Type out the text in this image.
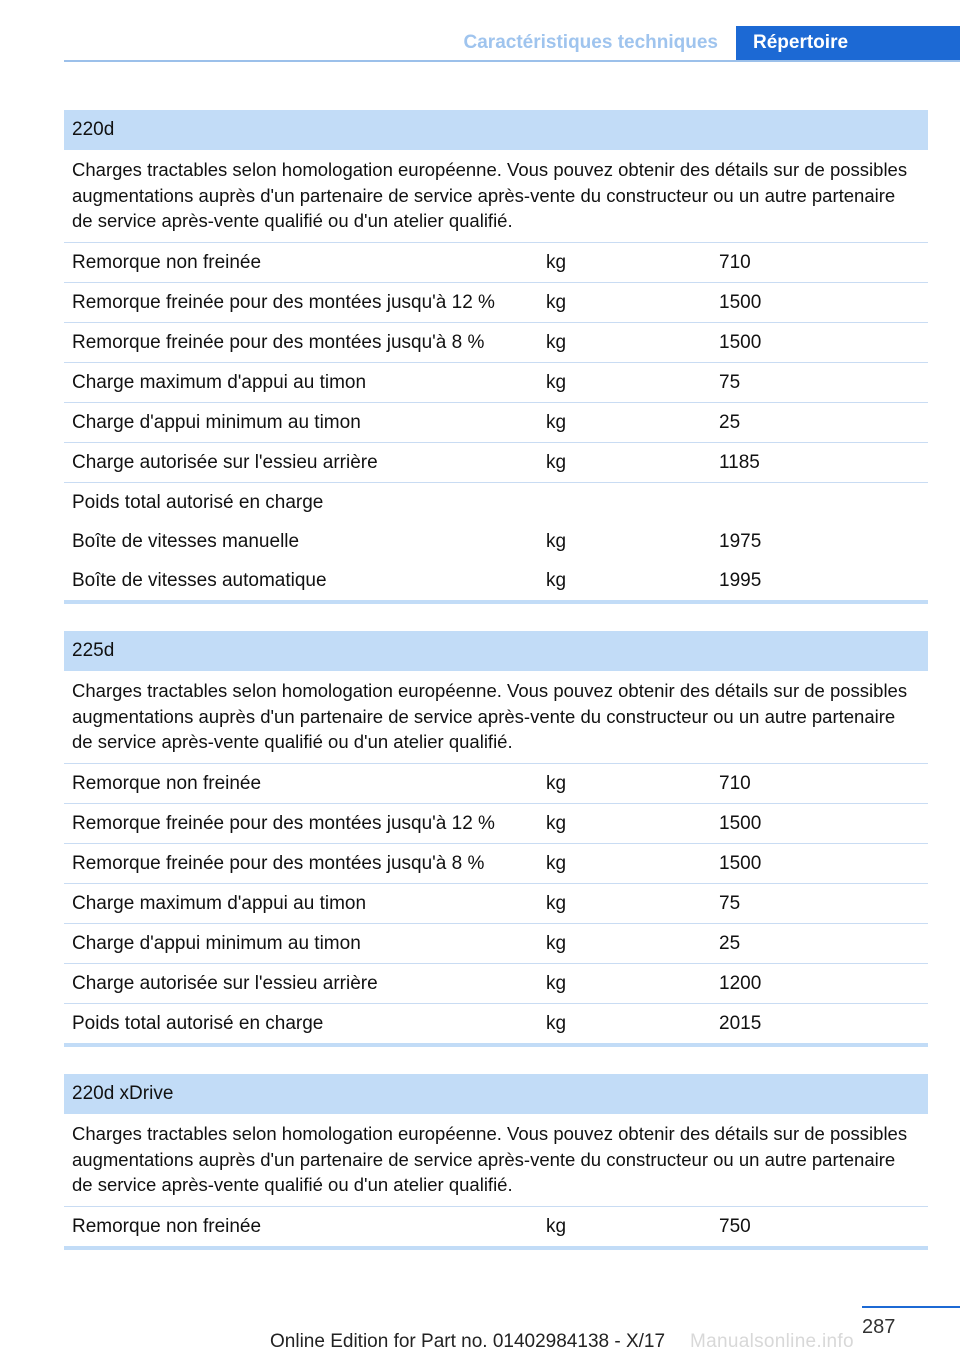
Caractéristiques techniques	Répertoire
220d
Charges tractables selon homologation européenne. Vous pouvez obtenir des détails sur de possibles augmentations auprès d'un partenaire de service après-vente du constructeur ou un autre partenaire de service après-vente qualifié ou d'un atelier qualifié.
Remorque non freinée	kg	710
Remorque freinée pour des montées jusqu'à 12 %	kg	1500
Remorque freinée pour des montées jusqu'à 8 %	kg	1500
Charge maximum d'appui au timon	kg	75
Charge d'appui minimum au timon	kg	25
Charge autorisée sur l'essieu arrière	kg	1185
Poids total autorisé en charge
Boîte de vitesses manuelle	kg	1975
Boîte de vitesses automatique	kg	1995
225d
Charges tractables selon homologation européenne. Vous pouvez obtenir des détails sur de possibles augmentations auprès d'un partenaire de service après-vente du constructeur ou un autre partenaire de service après-vente qualifié ou d'un atelier qualifié.
Remorque non freinée	kg	710
Remorque freinée pour des montées jusqu'à 12 %	kg	1500
Remorque freinée pour des montées jusqu'à 8 %	kg	1500
Charge maximum d'appui au timon	kg	75
Charge d'appui minimum au timon	kg	25
Charge autorisée sur l'essieu arrière	kg	1200
Poids total autorisé en charge	kg	2015
220d xDrive
Charges tractables selon homologation européenne. Vous pouvez obtenir des détails sur de possibles augmentations auprès d'un partenaire de service après-vente du constructeur ou un autre partenaire de service après-vente qualifié ou d'un atelier qualifié.
Remorque non freinée	kg	750
287
Online Edition for Part no. 01402984138 - X/17 Manualsonline.info
